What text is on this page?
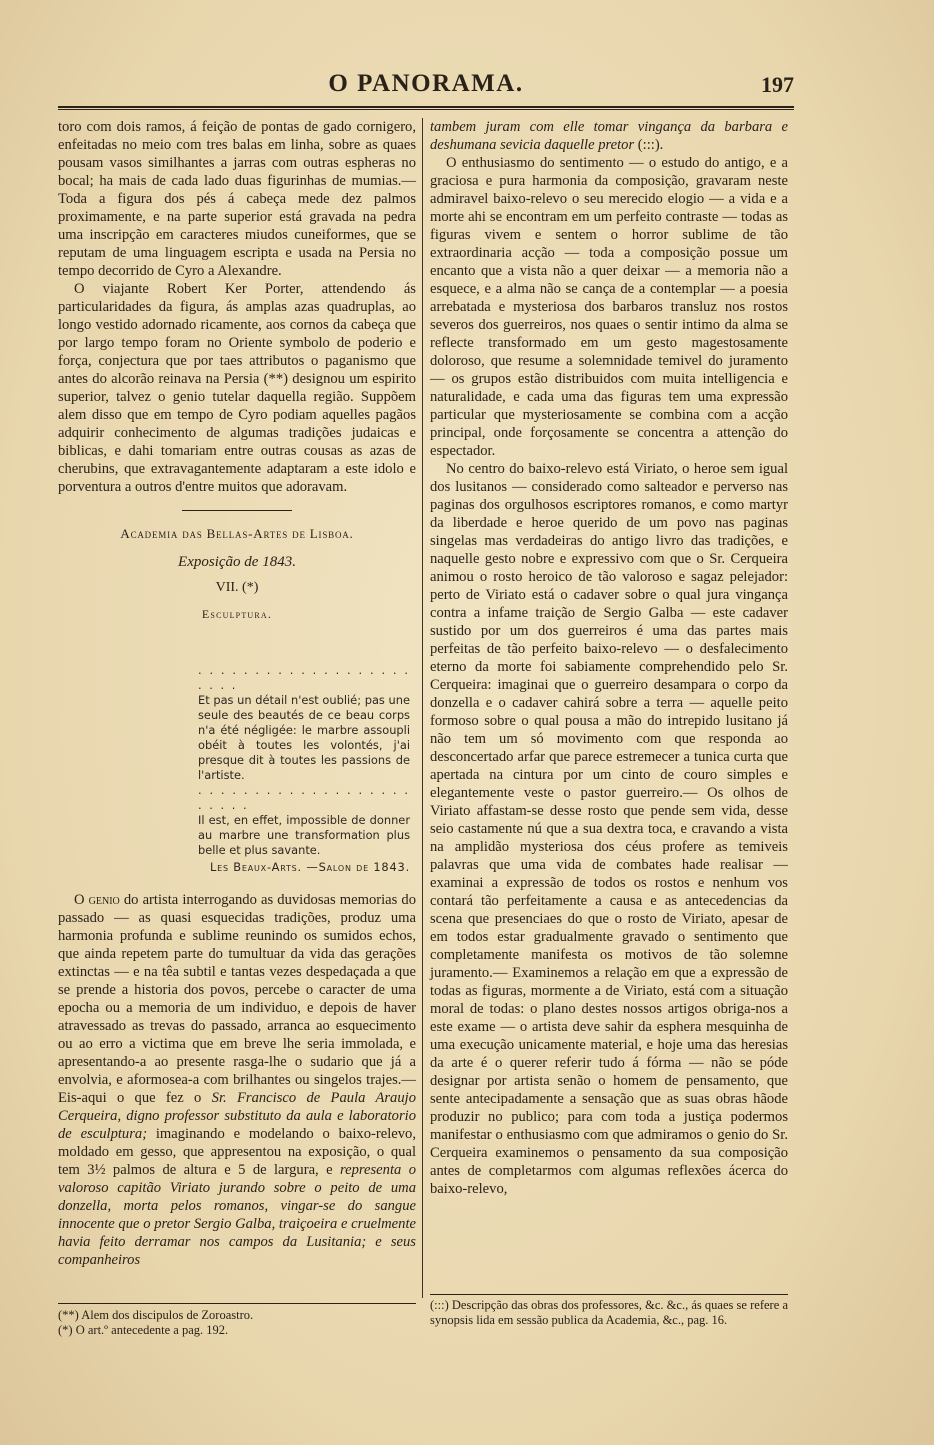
O PANORAMA.	197

toro com dois ramos, á feição de pontas de gado cornigero, enfeitadas no meio com tres balas em linha, sobre as quaes pousam vasos similhantes a jarras com outras espheras no bocal; ha mais de cada lado duas figurinhas de mumias.—Toda a figura dos pés á cabeça mede dez palmos proximamente, e na parte superior está gravada na pedra uma inscripção em caracteres miudos cuneiformes, que se reputam de uma linguagem escripta e usada na Persia no tempo decorrido de Cyro a Alexandre.

O viajante Robert Ker Porter, attendendo ás particularidades da figura, ás amplas azas quadruplas, ao longo vestido adornado ricamente, aos cornos da cabeça que por largo tempo foram no Oriente symbolo de poderio e força, conjectura que por taes attributos o paganismo que antes do alcorão reinava na Persia (**) designou um espirito superior, talvez o genio tutelar daquella região. Suppõem alem disso que em tempo de Cyro podiam aquelles pagãos adquirir conhecimento de algumas tradições judaicas e biblicas, e dahi tomariam entre outras cousas as azas de cherubins, que extravagantemente adaptaram a este idolo e porventura a outros d'entre muitos que adoravam.

Academia das Bellas-Artes de Lisboa.

Exposição de 1843.

VII. (*)

Esculptura.

. . . . . . . . . . . . . . . . . . . . . . .

Et pas un détail n'est oublié; pas une seule des beautés de ce beau corps n'a été négligée: le marbre assoupli obéit à toutes les volontés, j'ai presque dit à toutes les passions de l'artiste.

. . . . . . . . . . . . . . . . . . . . . . . .

Il est, en effet, impossible de donner au marbre une transformation plus belle et plus savante.

Les Beaux-Arts. —Salon de 1843.

O genio do artista interrogando as duvidosas memorias do passado — as quasi esquecidas tradições, produz uma harmonia profunda e sublime reunindo os sumidos echos, que ainda repetem parte do tumultuar da vida das gerações extinctas — e na têa subtil e tantas vezes despedaçada a que se prende a historia dos povos, percebe o caracter de uma epocha ou a memoria de um individuo, e depois de haver atravessado as trevas do passado, arranca ao esquecimento ou ao erro a victima que em breve lhe seria immolada, e apresentando-a ao presente rasga-lhe o sudario que já a envolvia, e aformosea-a com brilhantes ou singelos trajes.— Eis-aqui o que fez o Sr. Francisco de Paula Araujo Cerqueira, digno professor substituto da aula e laboratorio de esculptura; imaginando e modelando o baixo-relevo, moldado em gesso, que appresentou na exposição, o qual tem 3½ palmos de altura e 5 de largura, e representa o valoroso capitão Viriato jurando sobre o peito de uma donzella, morta pelos romanos, vingar-se do sangue innocente que o pretor Sergio Galba, traiçoeira e cruelmente havia feito derramar nos campos da Lusitania; e seus companheiros

tambem juram com elle tomar vingança da barbara e deshumana sevicia daquelle pretor (:::).

O enthusiasmo do sentimento — o estudo do antigo, e a graciosa e pura harmonia da composição, gravaram neste admiravel baixo-relevo o seu merecido elogio — a vida e a morte ahi se encontram em um perfeito contraste — todas as figuras vivem e sentem o horror sublime de tão extraordinaria acção — toda a composição possue um encanto que a vista não a quer deixar — a memoria não a esquece, e a alma não se cança de a contemplar — a poesia arrebatada e mysteriosa dos barbaros transluz nos rostos severos dos guerreiros, nos quaes o sentir intimo da alma se reflecte transformado em um gesto magestosamente doloroso, que resume a solemnidade temivel do juramento — os grupos estão distribuidos com muita intelligencia e naturalidade, e cada uma das figuras tem uma expressão particular que mysteriosamente se combina com a acção principal, onde forçosamente se concentra a attenção do espectador.

No centro do baixo-relevo está Viriato, o heroe sem igual dos lusitanos — considerado como salteador e perverso nas paginas dos orgulhosos escriptores romanos, e como martyr da liberdade e heroe querido de um povo nas paginas singelas mas verdadeiras do antigo livro das tradições, e naquelle gesto nobre e expressivo com que o Sr. Cerqueira animou o rosto heroico de tão valoroso e sagaz pelejador: perto de Viriato está o cadaver sobre o qual jura vingança contra a infame traição de Sergio Galba — este cadaver sustido por um dos guerreiros é uma das partes mais perfeitas de tão perfeito baixo-relevo — o desfalecimento eterno da morte foi sabiamente comprehendido pelo Sr. Cerqueira: imaginai que o guerreiro desampara o corpo da donzella e o cadaver cahirá sobre a terra — aquelle peito formoso sobre o qual pousa a mão do intrepido lusitano já não tem um só movimento com que responda ao desconcertado arfar que parece estremecer a tunica curta que apertada na cintura por um cinto de couro simples e elegantemente veste o pastor guerreiro.— Os olhos de Viriato affastam-se desse rosto que pende sem vida, desse seio castamente nú que a sua dextra toca, e cravando a vista na amplidão mysteriosa dos céus profere as temiveis palavras que uma vida de combates hade realisar — examinai a expressão de todos os rostos e nenhum vos contará tão perfeitamente a causa e as antecedencias da scena que presenciaes do que o rosto de Viriato, apesar de em todos estar gradualmente gravado o sentimento que completamente manifesta os motivos de tão solemne juramento.— Examinemos a relação em que a expressão de todas as figuras, mormente a de Viriato, está com a situação moral de todas: o plano destes nossos artigos obriga-nos a este exame — o artista deve sahir da esphera mesquinha de uma execução unicamente material, e hoje uma das heresias da arte é o querer referir tudo á fórma — não se póde designar por artista senão o homem de pensamento, que sente antecipadamente a sensação que as suas obras hãode produzir no publico; para com toda a justiça podermos manifestar o enthusiasmo com que admiramos o genio do Sr. Cerqueira examinemos o pensamento da sua composição antes de completarmos com algumas reflexões ácerca do baixo-relevo,

(**) Alem dos discipulos de Zoroastro.

(*) O art.º antecedente a pag. 192.

(:::) Descripção das obras dos professores, &c. &c., ás quaes se refere a synopsis lida em sessão publica da Academia, &c., pag. 16.
